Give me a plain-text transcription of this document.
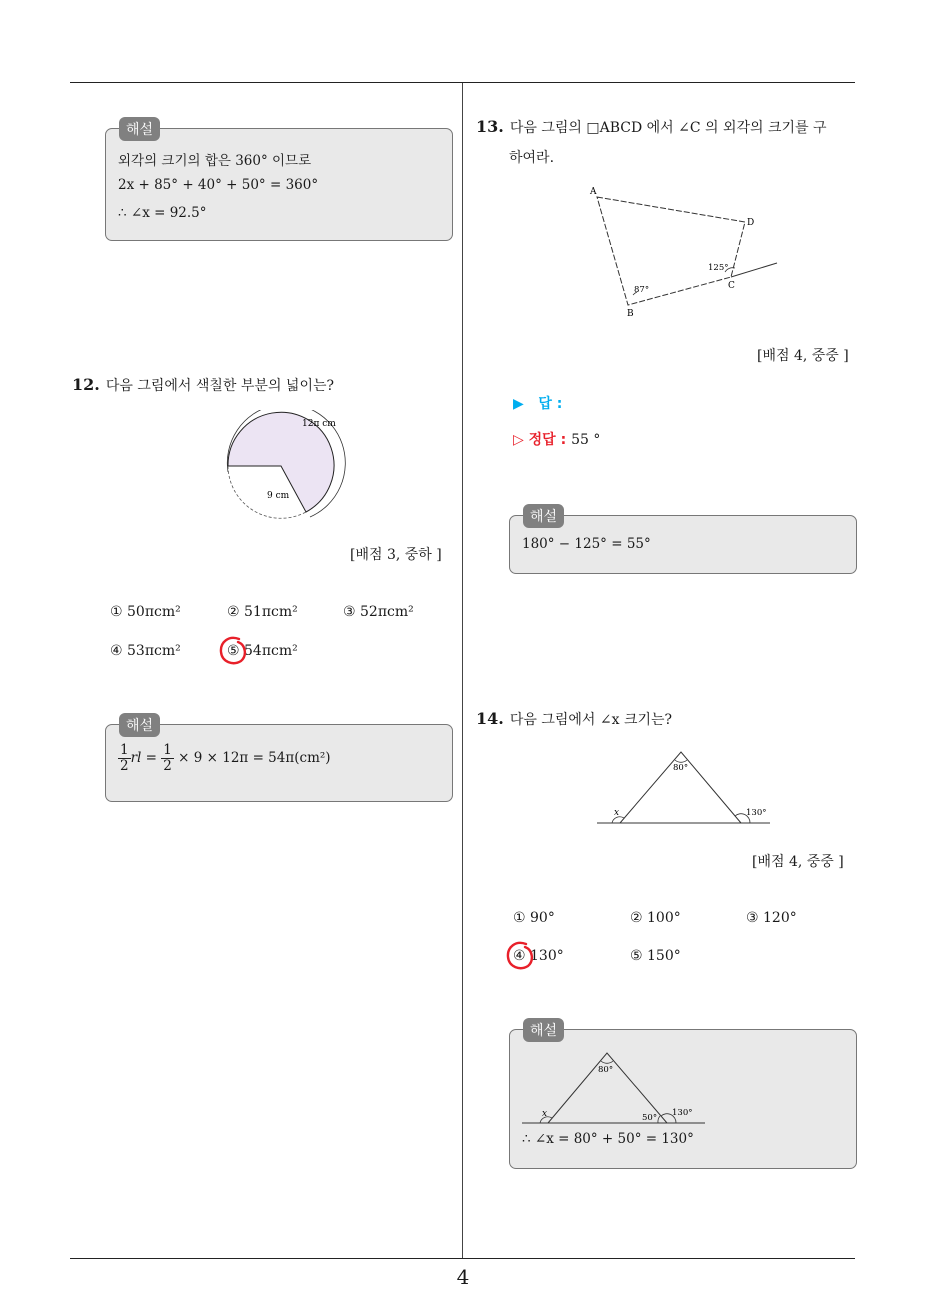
외각의 크기의 합은 360° 이므로
2x + 85° + 40° + 50° = 360°
∴ ∠x = 92.5°
해설
12. 다음 그림에서 색칠한 부분의 넓이는?
12π cm
9 cm
[배점 3, 중하 ]
① 50πcm²	② 51πcm²	③ 52πcm²
④ 53πcm²	⑤ 54πcm²
$\frac{1}{2}$ rl = $\frac{1}{2} \times 9 \times 12\pi = 54\pi(cm^2)$
해설
13. 다음 그림의 □ABCD 에서 ∠C 의 외각의 크기를 구
하여라.
A
B
C
D
87°
125°
[배점 4, 중중 ]
▶ 답 :
▷ 정답 : 55 °
180° − 125° = 55°
해설
14. 다음 그림에서 ∠x 크기는?
80°
130°
x
[배점 4, 중중 ]
① 90°	② 100°	③ 120°
④ 130°	⑤ 150°
80°
130°
x	50°
∴ ∠x = 80° + 50° = 130°
해설
4
